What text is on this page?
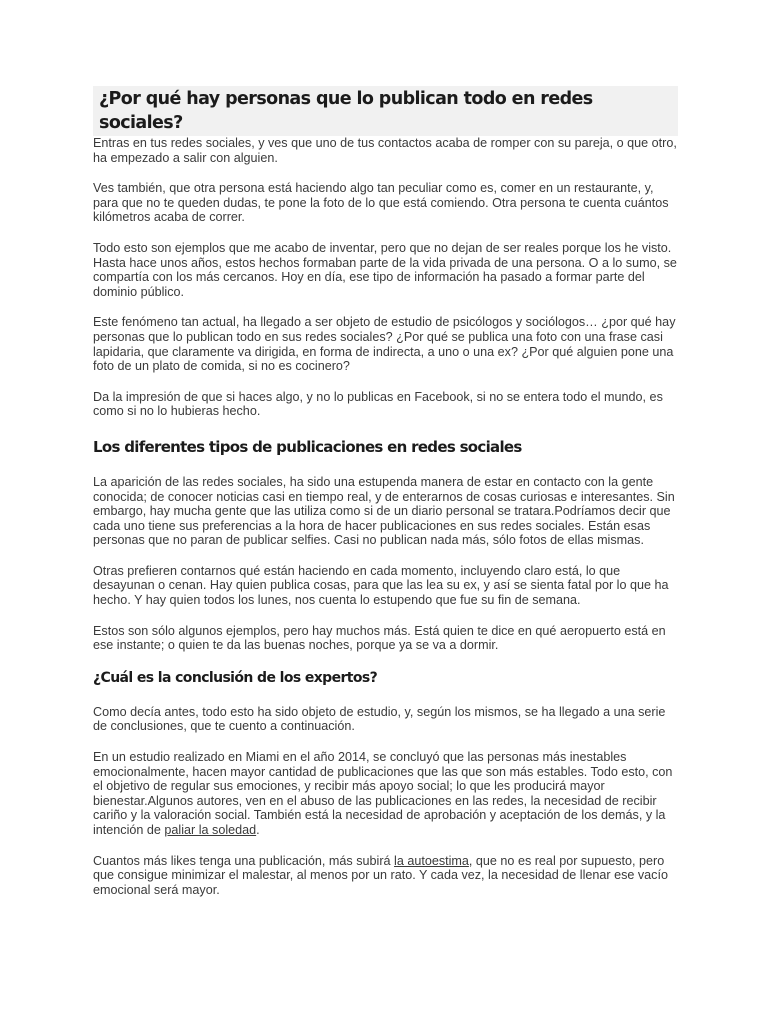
¿Por qué hay personas que lo publican todo en redes sociales?

Entras en tus redes sociales, y ves que uno de tus contactos acaba de romper con su pareja, o que otro, ha empezado a salir con alguien.

Ves también, que otra persona está haciendo algo tan peculiar como es, comer en un restaurante, y, para que no te queden dudas, te pone la foto de lo que está comiendo. Otra persona te cuenta cuántos kilómetros acaba de correr.

Todo esto son ejemplos que me acabo de inventar, pero que no dejan de ser reales porque los he visto. Hasta hace unos años, estos hechos formaban parte de la vida privada de una persona. O a lo sumo, se compartía con los más cercanos. Hoy en día, ese tipo de información ha pasado a formar parte del dominio público.

Este fenómeno tan actual, ha llegado a ser objeto de estudio de psicólogos y sociólogos… ¿por qué hay personas que lo publican todo en sus redes sociales? ¿Por qué se publica una foto con una frase casi lapidaria, que claramente va dirigida, en forma de indirecta, a uno o una ex? ¿Por qué alguien pone una foto de un plato de comida, si no es cocinero?

Da la impresión de que si haces algo, y no lo publicas en Facebook, si no se entera todo el mundo, es como si no lo hubieras hecho.

Los diferentes tipos de publicaciones en redes sociales

La aparición de las redes sociales, ha sido una estupenda manera de estar en contacto con la gente conocida; de conocer noticias casi en tiempo real, y de enterarnos de cosas curiosas e interesantes. Sin embargo, hay mucha gente que las utiliza como si de un diario personal se tratara.Podríamos decir que cada uno tiene sus preferencias a la hora de hacer publicaciones en sus redes sociales. Están esas personas que no paran de publicar selfies. Casi no publican nada más, sólo fotos de ellas mismas.

Otras prefieren contarnos qué están haciendo en cada momento, incluyendo claro está, lo que desayunan o cenan. Hay quien publica cosas, para que las lea su ex, y así se sienta fatal por lo que ha hecho. Y hay quien todos los lunes, nos cuenta lo estupendo que fue su fin de semana.

Estos son sólo algunos ejemplos, pero hay muchos más. Está quien te dice en qué aeropuerto está en ese instante; o quien te da las buenas noches, porque ya se va a dormir.

¿Cuál es la conclusión de los expertos?

Como decía antes, todo esto ha sido objeto de estudio, y, según los mismos, se ha llegado a una serie de conclusiones, que te cuento a continuación.

En un estudio realizado en Miami en el año 2014, se concluyó que las personas más inestables emocionalmente, hacen mayor cantidad de publicaciones que las que son más estables. Todo esto, con el objetivo de regular sus emociones, y recibir más apoyo social; lo que les producirá mayor bienestar.Algunos autores, ven en el abuso de las publicaciones en las redes, la necesidad de recibir cariño y la valoración social. También está la necesidad de aprobación y aceptación de los demás, y la intención de paliar la soledad.

Cuantos más likes tenga una publicación, más subirá la autoestima, que no es real por supuesto, pero que consigue minimizar el malestar, al menos por un rato. Y cada vez, la necesidad de llenar ese vacío emocional será mayor.
